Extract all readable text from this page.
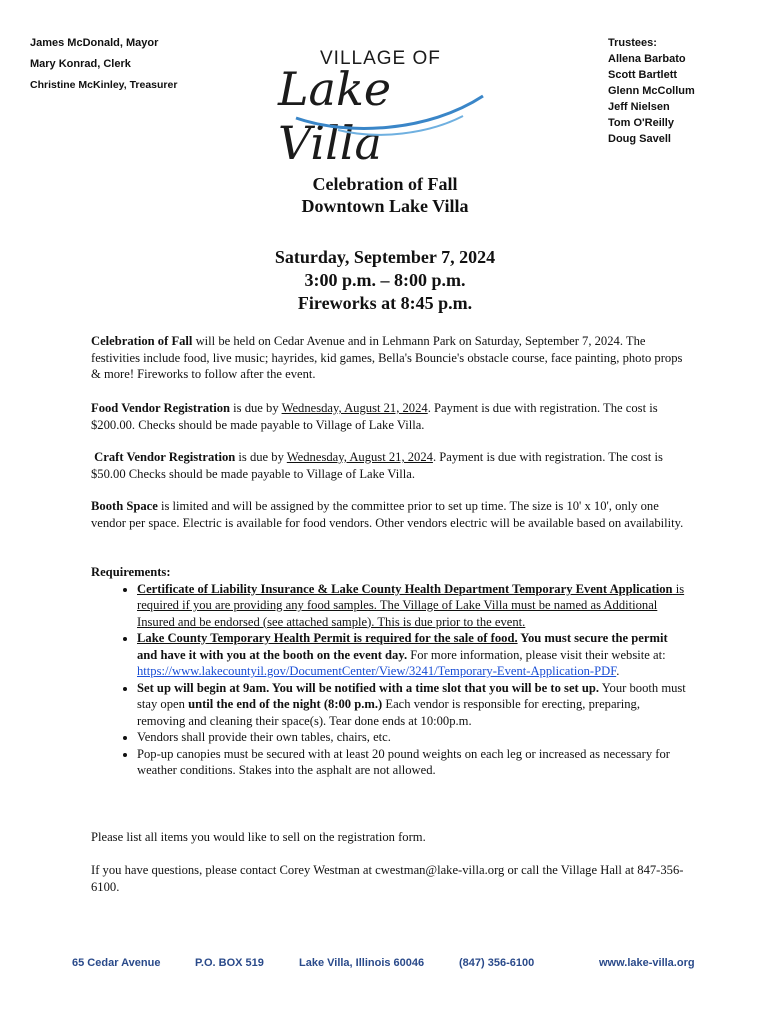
James McDonald, Mayor
Mary Konrad, Clerk
Christine McKinley, Treasurer
VILLAGE OF
Lake Villa
Trustees:
Allena Barbato
Scott Bartlett
Glenn McCollum
Jeff Nielsen
Tom O'Reilly
Doug Savell
Celebration of Fall
Downtown Lake Villa
Saturday, September 7, 2024
3:00 p.m. – 8:00 p.m.
Fireworks at 8:45 p.m.

Celebration of Fall will be held on Cedar Avenue and in Lehmann Park on Saturday, September 7, 2024. The festivities include food, live music; hayrides, kid games, Bella's Bouncie's obstacle course, face painting, photo props & more! Fireworks to follow after the event.

Food Vendor Registration is due by Wednesday, August 21, 2024. Payment is due with registration. The cost is $200.00. Checks should be made payable to Village of Lake Villa.

Craft Vendor Registration is due by Wednesday, August 21, 2024. Payment is due with registration. The cost is $50.00 Checks should be made payable to Village of Lake Villa.

Booth Space is limited and will be assigned by the committee prior to set up time. The size is 10' x 10', only one vendor per space. Electric is available for food vendors. Other vendors electric will be available based on availability.

Requirements:

• Certificate of Liability Insurance & Lake County Health Department Temporary Event Application is required if you are providing any food samples. The Village of Lake Villa must be named as Additional Insured and be endorsed (see attached sample). This is due prior to the event.
• Lake County Temporary Health Permit is required for the sale of food. You must secure the permit and have it with you at the booth on the event day. For more information, please visit their website at: https://www.lakecountyil.gov/DocumentCenter/View/3241/Temporary-Event-Application-PDF.
• Set up will begin at 9am. You will be notified with a time slot that you will be to set up. Your booth must stay open until the end of the night (8:00 p.m.) Each vendor is responsible for erecting, preparing, removing and cleaning their space(s). Tear done ends at 10:00p.m.
• Vendors shall provide their own tables, chairs, etc.
• Pop-up canopies must be secured with at least 20 pound weights on each leg or increased as necessary for weather conditions. Stakes into the asphalt are not allowed.

Please list all items you would like to sell on the registration form.

If you have questions, please contact Corey Westman at cwestman@lake-villa.org or call the Village Hall at 847-356-6100.

65 Cedar Avenue	P.O. BOX 519	Lake Villa, Illinois 60046	(847) 356-6100	www.lake-villa.org
